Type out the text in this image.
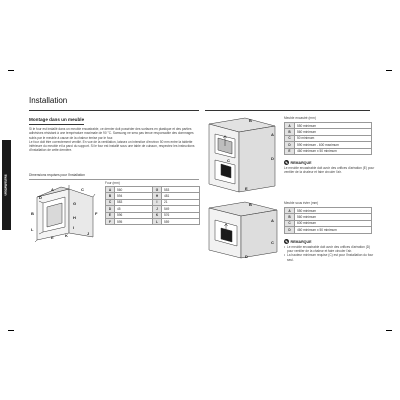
Installation
Installation
Montage dans un meuble

Si le four est installé dans un meuble encastrable, ce dernier doit posséder des surfaces en plastique et des parties adhésives résistant à une température maximale de 90 °C. Samsung ne sera pas tenue responsable des dommages subis par le meuble à cause de la chaleur émise par le four.

Le four doit être correctement ventilé. En vue de la ventilation, laissez un interstice d'environ 50 mm entre la tablette inférieure du meuble et la paroi du support. Si le four est installé sous une table de cuisson, respectez les instructions d'installation de cette dernière.

Dimensions requises pour l'installation
A
B
C
D
E
F
G
H
I
J
K
L
Four (mm)
A	560	G	553
B	594	H	481
C	583	I	21
D	45	J	549
E	596	K	576
F	595	L	559
A
B
C	D
E
Meuble encastré (mm)
A	550 minimum
B	560 minimum
C	50 minimum
D	590 minimum - 600 maximum
E	460 minimum x 50 minimum
✎ REMARQUE
Le meuble encastrable doit avoir des orifices d'aération (E) pour ventiler de la chaleur et faire circuler l'air.
A
B
C
D
Meuble sous évier (mm)
A	550 minimum
B	560 minimum
C	600 minimum
D	460 minimum x 50 minimum
✎ REMARQUE
• Le meuble encastrable doit avoir des orifices d'aération (D) pour ventiler de la chaleur et faire circuler l'air.
• La hauteur minimum requise (C) est pour l'installation du four seul.
